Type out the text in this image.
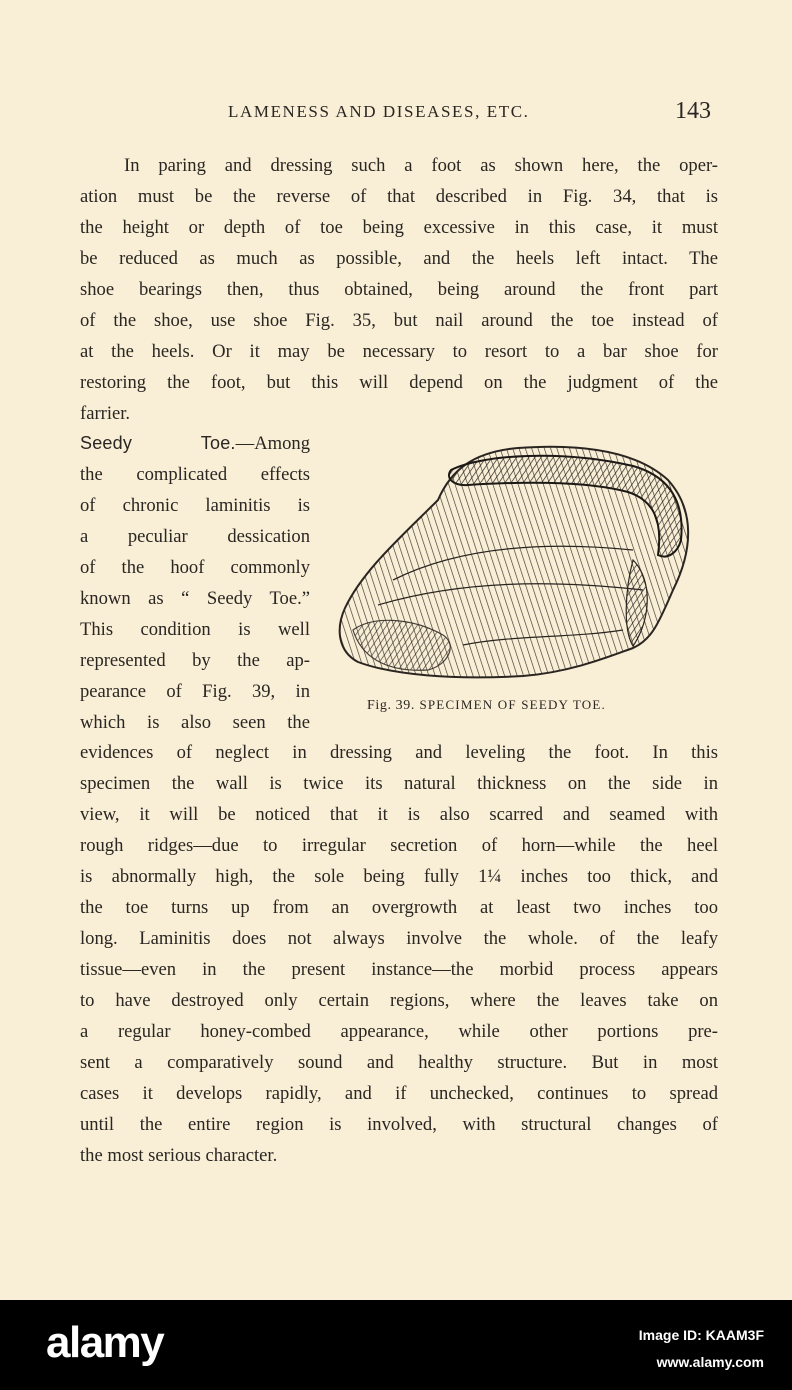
LAMENESS AND DISEASES, ETC.	143
In paring and dressing such a foot as shown here, the oper-
ation must be the reverse of that described in Fig. 34, that is
the height or depth of toe being excessive in this case, it must
be reduced as much as possible, and the heels left intact. The
shoe bearings then, thus obtained, being around the front part
of the shoe, use shoe Fig. 35, but nail around the toe instead of
at the heels. Or it may be necessary to resort to a bar shoe for
restoring the foot, but this will depend on the judgment of the
farrier.
Seedy Toe.—Among
the complicated effects
of chronic laminitis is
a peculiar dessication
of the hoof commonly
known as “ Seedy Toe.”
This condition is well
represented by the ap-
pearance of Fig. 39, in
which is also seen the
Fig. 39. SPECIMEN OF SEEDY TOE.
evidences of neglect in dressing and leveling the foot. In this
specimen the wall is twice its natural thickness on the side in
view, it will be noticed that it is also scarred and seamed with
rough ridges—due to irregular secretion of horn—while the heel
is abnormally high, the sole being fully 1¼ inches too thick, and
the toe turns up from an overgrowth at least two inches too
long. Laminitis does not always involve the whole. of the leafy
tissue—even in the present instance—the morbid process appears
to have destroyed only certain regions, where the leaves take on
a regular honey-combed appearance, while other portions pre-
sent a comparatively sound and healthy structure. But in most
cases it develops rapidly, and if unchecked, continues to spread
until the entire region is involved, with structural changes of
the most serious character.
alamy	Image ID: KAAM3F
www.alamy.com
